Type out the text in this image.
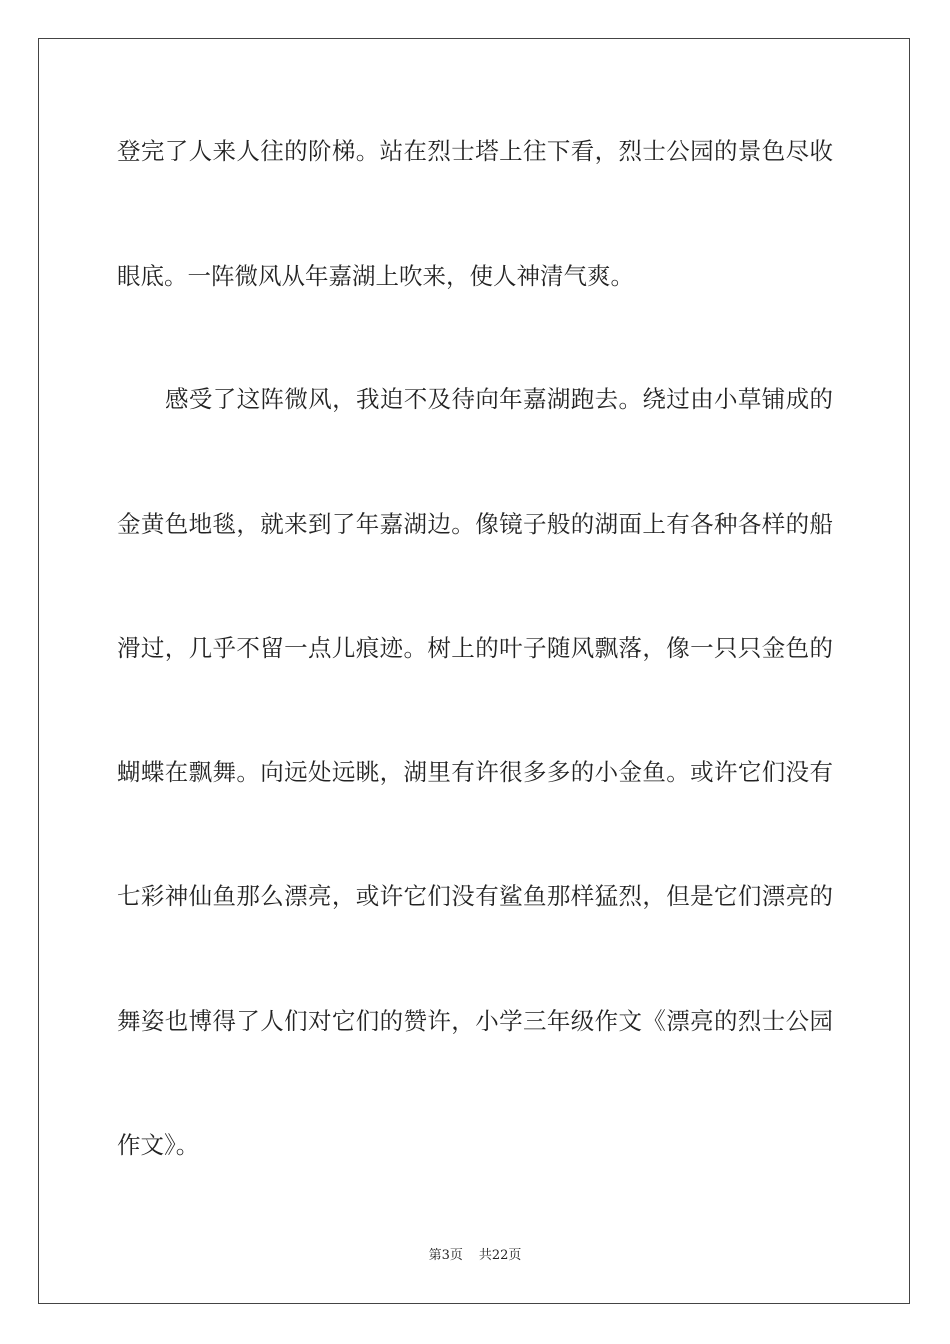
登完了人来人往的阶梯。站在烈士塔上往下看，烈士公园的景色尽收
眼底。一阵微风从年嘉湖上吹来，使人神清气爽。
感受了这阵微风，我迫不及待向年嘉湖跑去。绕过由小草铺成的
金黄色地毯，就来到了年嘉湖边。像镜子般的湖面上有各种各样的船
滑过，几乎不留一点儿痕迹。树上的叶子随风飘落，像一只只金色的
蝴蝶在飘舞。向远处远眺，湖里有许很多多的小金鱼。或许它们没有
七彩神仙鱼那么漂亮，或许它们没有鲨鱼那样猛烈，但是它们漂亮的
舞姿也博得了人们对它们的赞许，小学三年级作文《漂亮的烈士公园
作文》。
第3页 共22页
